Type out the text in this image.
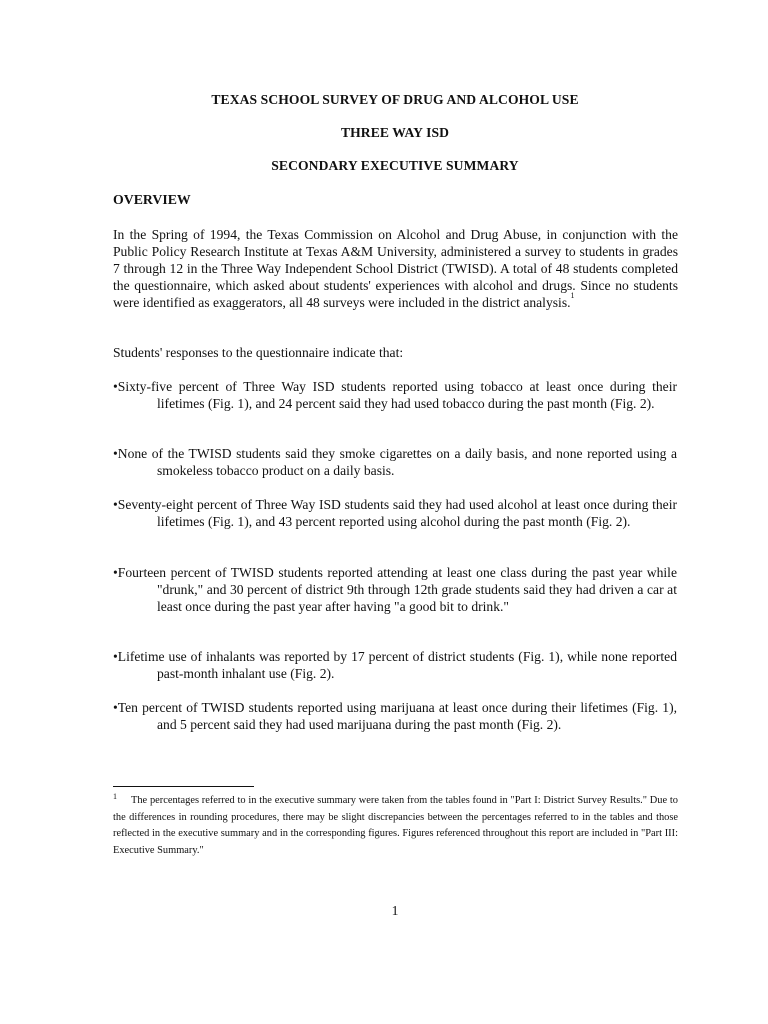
TEXAS SCHOOL SURVEY OF DRUG AND ALCOHOL USE
THREE WAY ISD
SECONDARY EXECUTIVE SUMMARY
OVERVIEW
In the Spring of 1994, the Texas Commission on Alcohol and Drug Abuse, in conjunction with the Public Policy Research Institute at Texas A&M University, administered a survey to students in grades 7 through 12 in the Three Way Independent School District (TWISD). A total of 48 students completed the questionnaire, which asked about students' experiences with alcohol and drugs. Since no students were identified as exaggerators, all 48 surveys were included in the district analysis.$^1$
Students' responses to the questionnaire indicate that:
•Sixty-five percent of Three Way ISD students reported using tobacco at least once during their lifetimes (Fig. 1), and 24 percent said they had used tobacco during the past month (Fig. 2).
•None of the TWISD students said they smoke cigarettes on a daily basis, and none reported using a smokeless tobacco product on a daily basis.
•Seventy-eight percent of Three Way ISD students said they had used alcohol at least once during their lifetimes (Fig. 1), and 43 percent reported using alcohol during the past month (Fig. 2).
•Fourteen percent of TWISD students reported attending at least one class during the past year while "drunk," and 30 percent of district 9th through 12th grade students said they had driven a car at least once during the past year after having "a good bit to drink."
•Lifetime use of inhalants was reported by 17 percent of district students (Fig. 1), while none reported past-month inhalant use (Fig. 2).
•Ten percent of TWISD students reported using marijuana at least once during their lifetimes (Fig. 1), and 5 percent said they had used marijuana during the past month (Fig. 2).
$^1$ The percentages referred to in the executive summary were taken from the tables found in "Part I: District Survey Results." Due to the differences in rounding procedures, there may be slight discrepancies between the percentages referred to in the tables and those reflected in the executive summary and in the corresponding figures. Figures referenced throughout this report are included in "Part III: Executive Summary."
1
